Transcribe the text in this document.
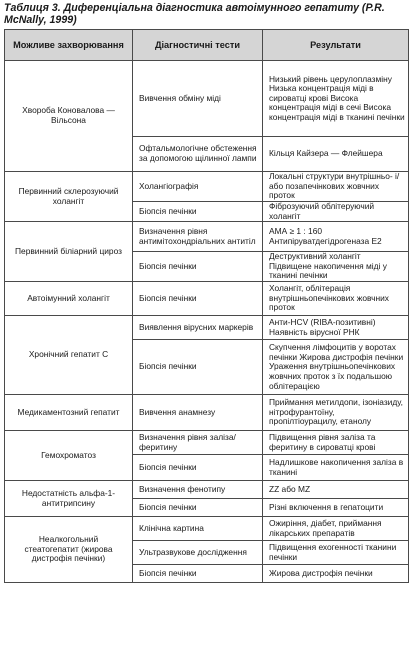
Таблиця 3. Диференціальна діагностика автоімунного гепатиту (P.R. McNally, 1999)
Можливе захворювання	Діагностичні тести	Результати
Хвороба Коновалова — Вільсона	Вивчення обміну міді	Низький рівень церулоплазміну Низька концентрація міді в сироватці крові Висока концентрація міді в сечі Висока концентрація міді в тканині печінки
	Офтальмологічне обстеження за допомогою щілинної лампи	Кільця Кайзера — Флейшера
Первинний склерозуючий холангіт	Холангіографія	Локальні структури внутрішньо- і/або позапечінкових жовчних проток
	Біопсія печінки	Фіброзуючий облітеруючий холангіт
Первинний біліарний цироз	Визначення рівня антимітохондріальних антитіл	АМА ≥ 1 : 160 Антипіруватдегідрогеназа E2
	Біопсія печінки	Деструктивний холангіт Підвищене накопичення міді у тканині печінки
Автоімунний холангіт	Біопсія печінки	Холангіт, облітерація внутрішньопечінкових жовчних проток
Хронічний гепатит С	Виявлення вірусних маркерів	Анти-HCV (RIBA-позитивні) Наявність вірусної РНК
	Біопсія печінки	Скупчення лімфоцитів у воротах печінки Жирова дистрофія печінки Ураження внутрішньопечінкових жовчних проток з їх подальшою облітерацією
Медикаментозний гепатит	Вивчення анамнезу	Приймання метилдопи, ізоніазиду, нітрофурантоїну, пропілтіоурацилу, етанолу
Гемохроматоз	Визначення рівня заліза/феритину	Підвищення рівня заліза та феритину в сироватці крові
	Біопсія печінки	Надлишкове накопичення заліза в тканині
Недостатність альфа-1-антитрипсину	Визначення фенотипу	ZZ або MZ
	Біопсія печінки	Різні включення в гепатоцити
Неалкогольний стеатогепатит (жирова дистрофія печінки)	Клінічна картина	Ожиріння, діабет, приймання лікарських препаратів
	Ультразвукове дослідження	Підвищення ехогенності тканини печінки
	Біопсія печінки	Жирова дистрофія печінки
